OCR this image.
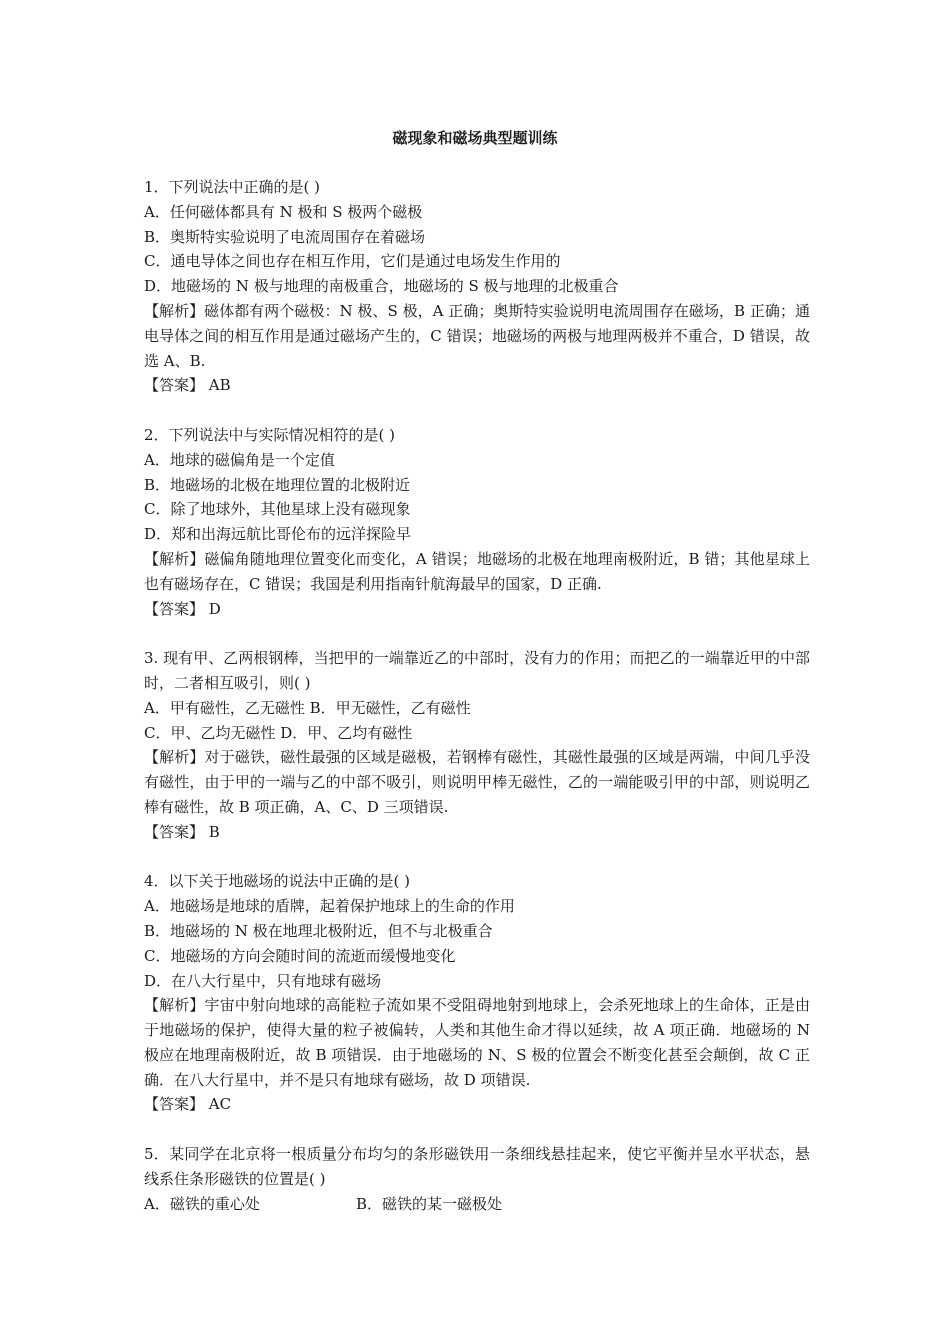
磁现象和磁场典型题训练

1．下列说法中正确的是( )

A．任何磁体都具有 N 极和 S 极两个磁极

B．奥斯特实验说明了电流周围存在着磁场

C．通电导体之间也存在相互作用，它们是通过电场发生作用的

D．地磁场的 N 极与地理的南极重合，地磁场的 S 极与地理的北极重合

【解析】磁体都有两个磁极：N 极、S 极，A 正确；奥斯特实验说明电流周围存在磁场，B 正确；通电导体之间的相互作用是通过磁场产生的，C 错误；地磁场的两极与地理两极并不重合，D 错误，故选 A、B.

【答案】 AB

2．下列说法中与实际情况相符的是( )

A．地球的磁偏角是一个定值

B．地磁场的北极在地理位置的北极附近

C．除了地球外，其他星球上没有磁现象

D．郑和出海远航比哥伦布的远洋探险早

【解析】磁偏角随地理位置变化而变化，A 错误；地磁场的北极在地理南极附近，B 错；其他星球上也有磁场存在，C 错误；我国是利用指南针航海最早的国家，D 正确.

【答案】 D

3. 现有甲、乙两根钢棒，当把甲的一端靠近乙的中部时，没有力的作用；而把乙的一端靠近甲的中部时，二者相互吸引，则( )

A．甲有磁性，乙无磁性 B．甲无磁性，乙有磁性

C．甲、乙均无磁性 D．甲、乙均有磁性

【解析】对于磁铁，磁性最强的区域是磁极，若钢棒有磁性，其磁性最强的区域是两端，中间几乎没有磁性，由于甲的一端与乙的中部不吸引，则说明甲棒无磁性，乙的一端能吸引甲的中部，则说明乙棒有磁性，故 B 项正确，A、C、D 三项错误.

【答案】 B

4．以下关于地磁场的说法中正确的是( )

A．地磁场是地球的盾牌，起着保护地球上的生命的作用

B．地磁场的 N 极在地理北极附近，但不与北极重合

C．地磁场的方向会随时间的流逝而缓慢地变化

D．在八大行星中，只有地球有磁场

【解析】宇宙中射向地球的高能粒子流如果不受阻碍地射到地球上，会杀死地球上的生命体，正是由于地磁场的保护，使得大量的粒子被偏转，人类和其他生命才得以延续，故 A 项正确．地磁场的 N 极应在地理南极附近，故 B 项错误．由于地磁场的 N、S 极的位置会不断变化甚至会颠倒，故 C 正确．在八大行星中，并不是只有地球有磁场，故 D 项错误.

【答案】 AC

5．某同学在北京将一根质量分布均匀的条形磁铁用一条细线悬挂起来，使它平衡并呈水平状态，悬线系住条形磁铁的位置是( )

A．磁铁的重心处	B．磁铁的某一磁极处
